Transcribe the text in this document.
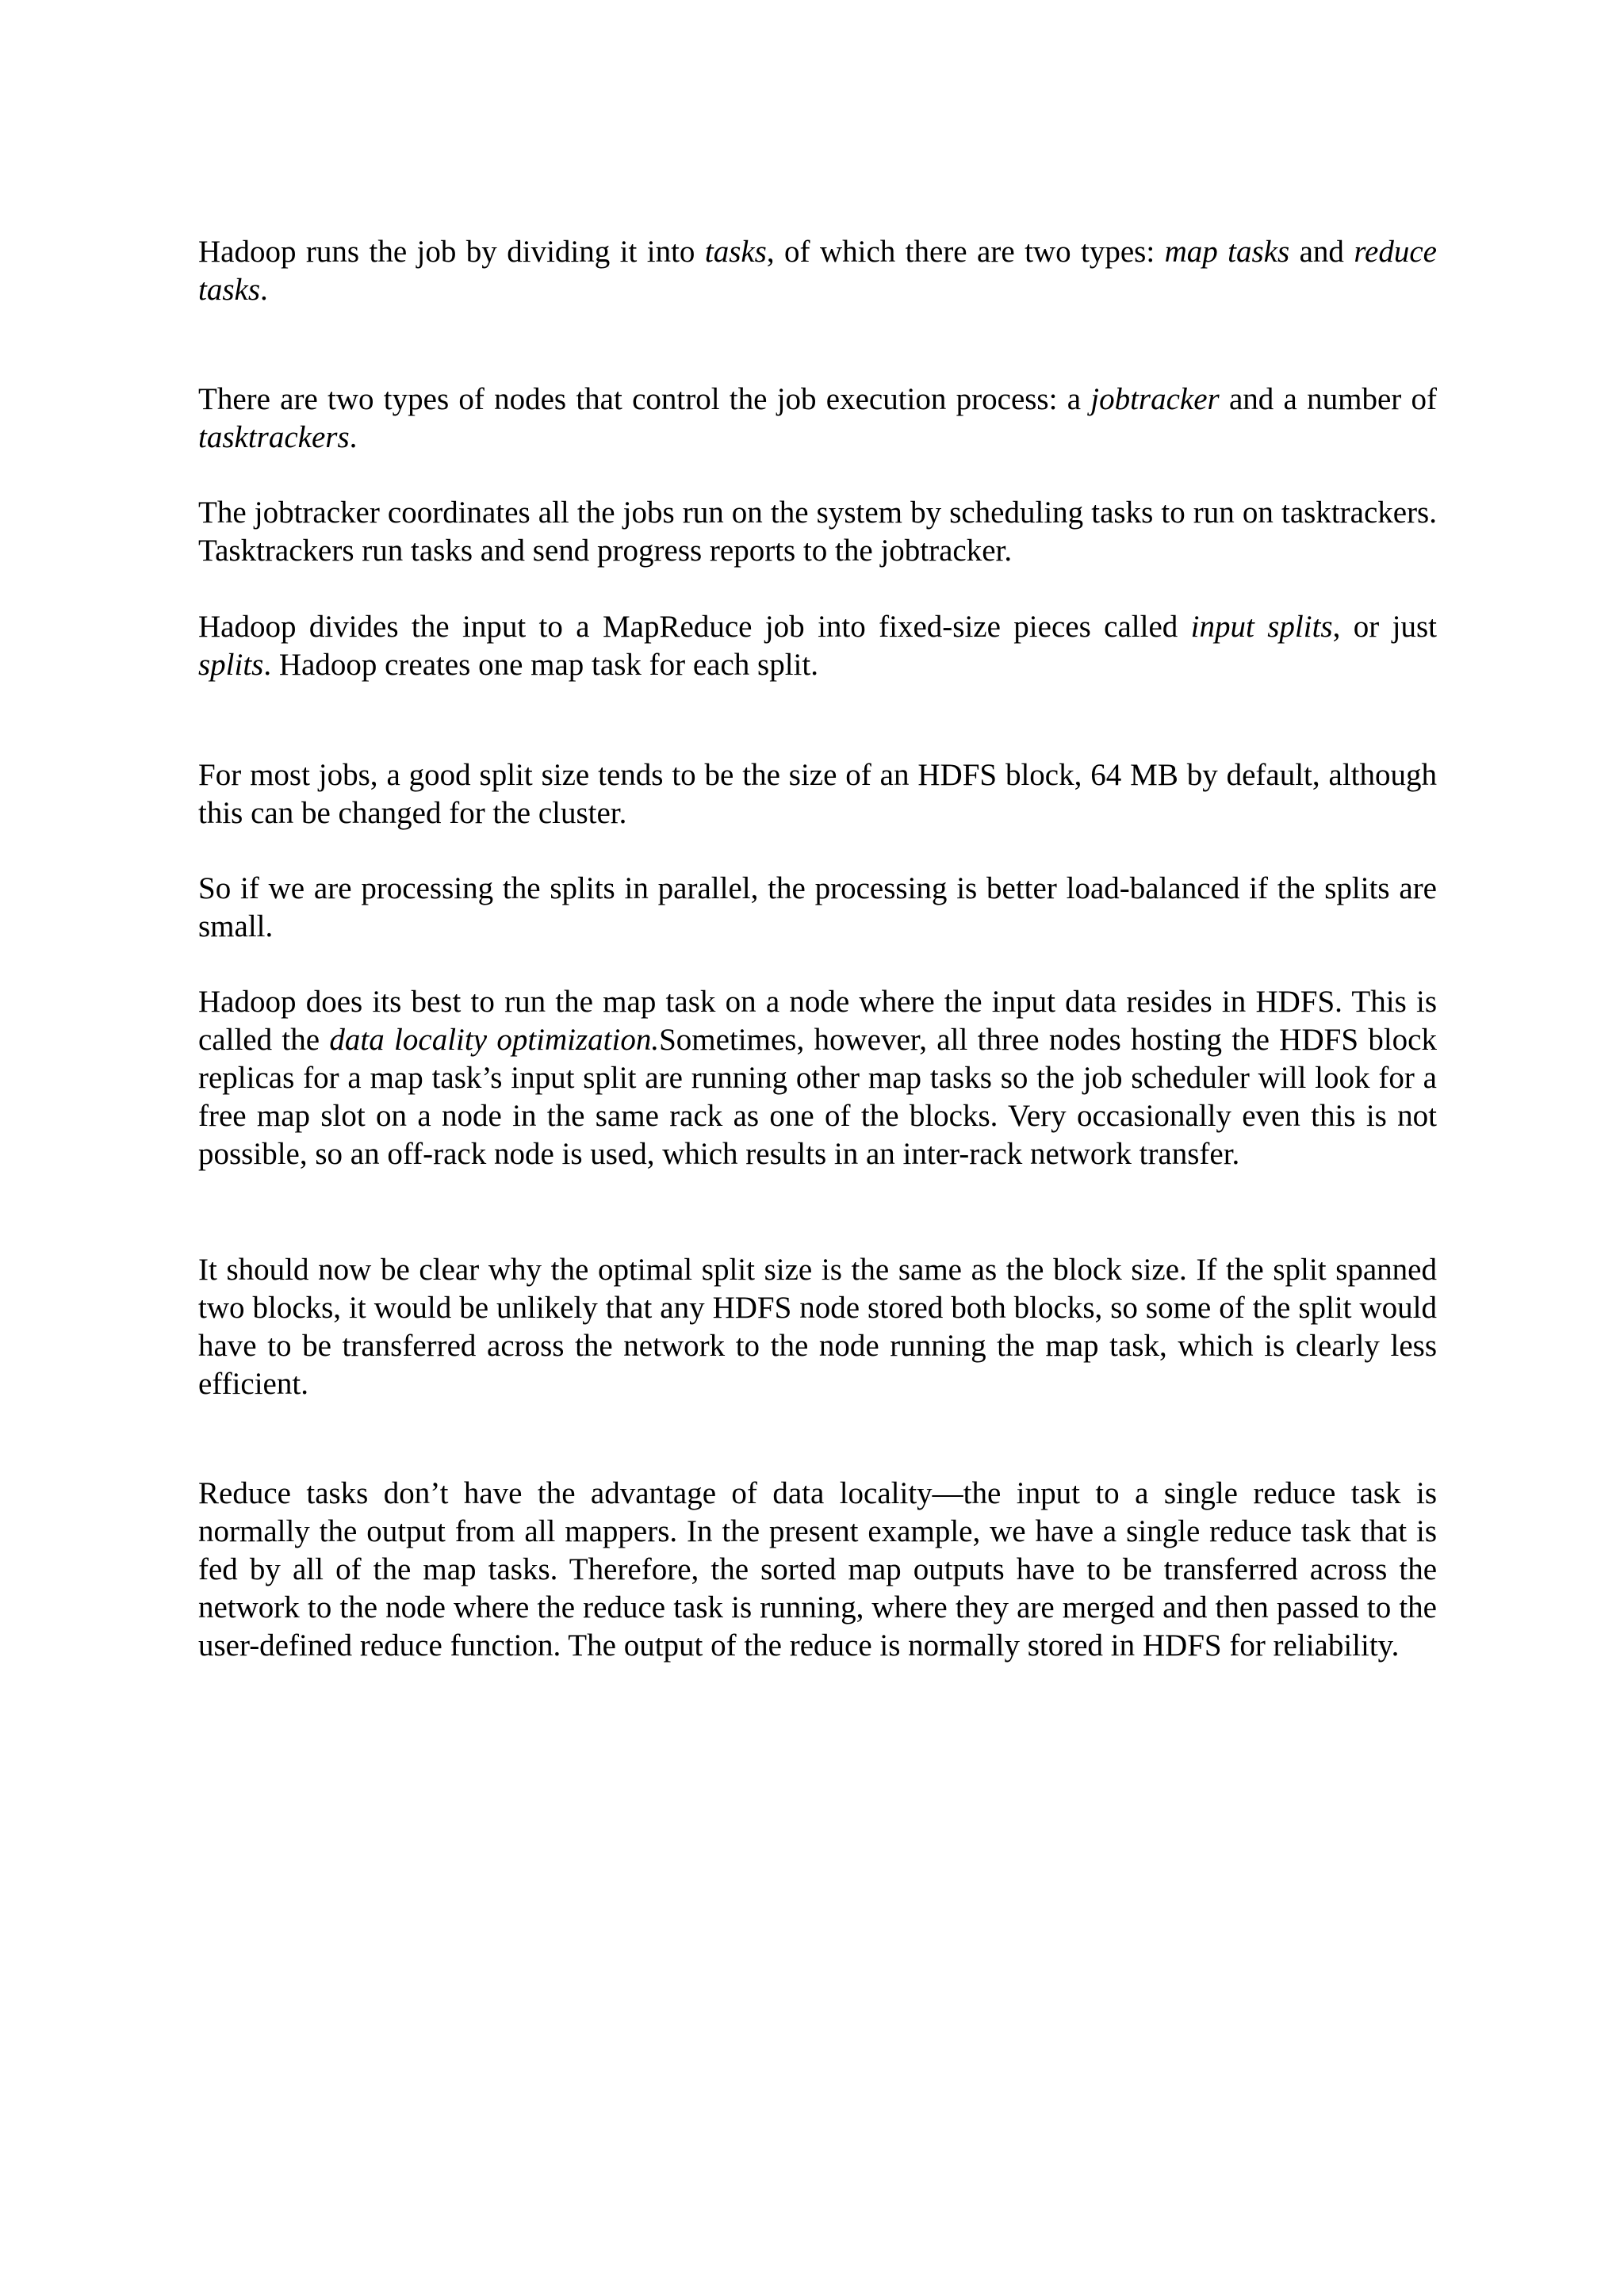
Hadoop runs the job by dividing it into tasks, of which there are two types: map tasks and reduce tasks.

There are two types of nodes that control the job execution process: a jobtracker and a number of tasktrackers.

The jobtracker coordinates all the jobs run on the system by scheduling tasks to run on tasktrackers. Tasktrackers run tasks and send progress reports to the jobtracker.

Hadoop divides the input to a MapReduce job into fixed-size pieces called input splits, or just splits. Hadoop creates one map task for each split.

For most jobs, a good split size tends to be the size of an HDFS block, 64 MB by default, although this can be changed for the cluster.

So if we are processing the splits in parallel, the processing is better load-balanced if the splits are small.

Hadoop does its best to run the map task on a node where the input data resides in HDFS. This is called the data locality optimization.Sometimes, however, all three nodes hosting the HDFS block replicas for a map task’s input split are running other map tasks so the job scheduler will look for a free map slot on a node in the same rack as one of the blocks. Very occasionally even this is not possible, so an off-rack node is used, which results in an inter-rack network transfer.

It should now be clear why the optimal split size is the same as the block size. If the split spanned two blocks, it would be unlikely that any HDFS node stored both blocks, so some of the split would have to be transferred across the network to the node running the map task, which is clearly less efficient.

Reduce tasks don’t have the advantage of data locality—the input to a single reduce task is normally the output from all mappers. In the present example, we have a single reduce task that is fed by all of the map tasks. Therefore, the sorted map outputs have to be transferred across the network to the node where the reduce task is running, where they are merged and then passed to the user-defined reduce function. The output of the reduce is normally stored in HDFS for reliability.
